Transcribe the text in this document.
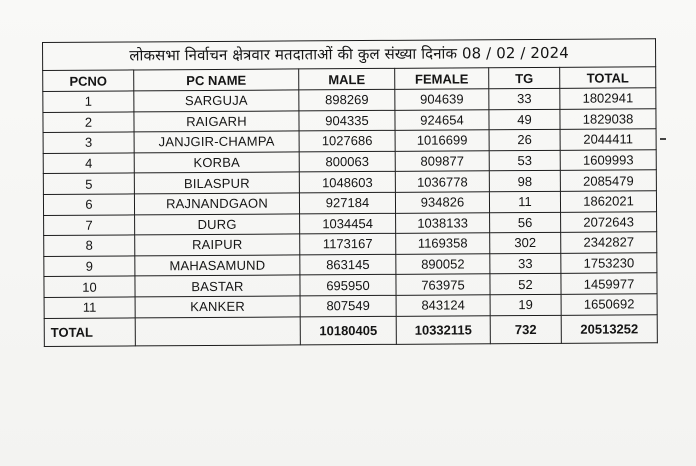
लोकसभा निर्वाचन क्षेत्रवार मतदाताओं की कुल संख्या दिनांक 08 / 02 / 2024					
PCNO	PC NAME	MALE	FEMALE	TG	TOTAL
1	SARGUJA	898269	904639	33	1802941
2	RAIGARH	904335	924654	49	1829038
3	JANJGIR-CHAMPA	1027686	1016699	26	2044411
4	KORBA	800063	809877	53	1609993
5	BILASPUR	1048603	1036778	98	2085479
6	RAJNANDGAON	927184	934826	11	1862021
7	DURG	1034454	1038133	56	2072643
8	RAIPUR	1173167	1169358	302	2342827
9	MAHASAMUND	863145	890052	33	1753230
10	BASTAR	695950	763975	52	1459977
11	KANKER	807549	843124	19	1650692
TOTAL		10180405	10332115	732	20513252
